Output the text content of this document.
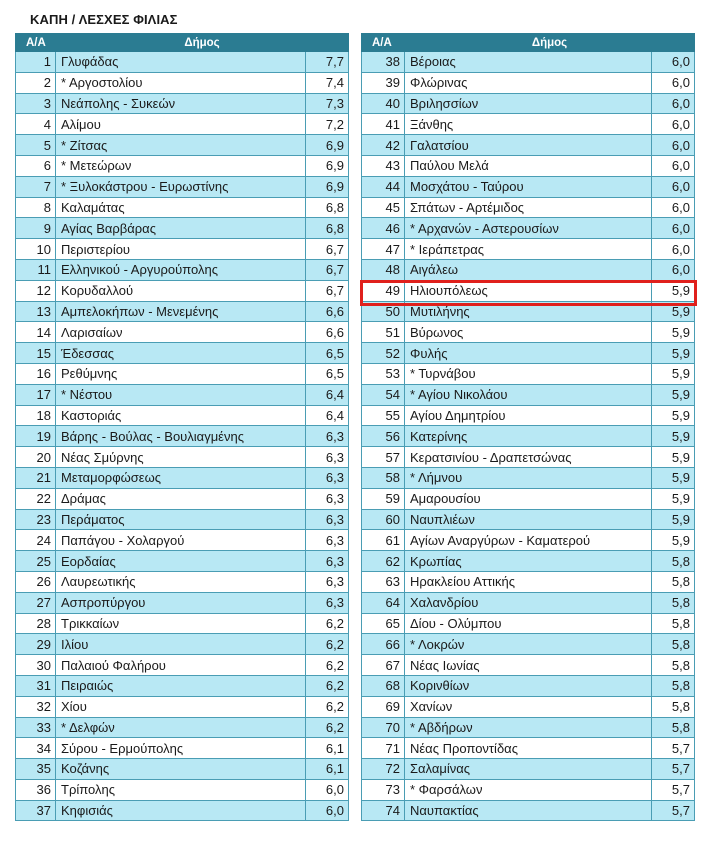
ΚΑΠΗ / ΛΕΣΧΕΣ ΦΙΛΙΑΣ
Α/Α	Δήμος	
1	Γλυφάδας	7,7
2	* Αργοστολίου	7,4
3	Νεάπολης - Συκεών	7,3
4	Αλίμου	7,2
5	* Ζίτσας	6,9
6	* Μετεώρων	6,9
7	* Ξυλοκάστρου - Ευρωστίνης	6,9
8	Καλαμάτας	6,8
9	Αγίας Βαρβάρας	6,8
10	Περιστερίου	6,7
11	Ελληνικού - Αργυρούπολης	6,7
12	Κορυδαλλού	6,7
13	Αμπελοκήπων - Μενεμένης	6,6
14	Λαρισαίων	6,6
15	Έδεσσας	6,5
16	Ρεθύμνης	6,5
17	* Νέστου	6,4
18	Καστοριάς	6,4
19	Βάρης - Βούλας - Βουλιαγμένης	6,3
20	Νέας Σμύρνης	6,3
21	Μεταμορφώσεως	6,3
22	Δράμας	6,3
23	Περάματος	6,3
24	Παπάγου - Χολαργού	6,3
25	Εορδαίας	6,3
26	Λαυρεωτικής	6,3
27	Ασπροπύργου	6,3
28	Τρικκαίων	6,2
29	Ιλίου	6,2
30	Παλαιού Φαλήρου	6,2
31	Πειραιώς	6,2
32	Χίου	6,2
33	* Δελφών	6,2
34	Σύρου - Ερμούπολης	6,1
35	Κοζάνης	6,1
36	Τρίπολης	6,0
37	Κηφισιάς	6,0
Α/Α	Δήμος	
38	Βέροιας	6,0
39	Φλώρινας	6,0
40	Βριλησσίων	6,0
41	Ξάνθης	6,0
42	Γαλατσίου	6,0
43	Παύλου Μελά	6,0
44	Μοσχάτου - Ταύρου	6,0
45	Σπάτων - Αρτέμιδος	6,0
46	* Αρχανών - Αστερουσίων	6,0
47	* Ιεράπετρας	6,0
48	Αιγάλεω	6,0
49	Ηλιουπόλεως	5,9
50	Μυτιλήνης	5,9
51	Βύρωνος	5,9
52	Φυλής	5,9
53	* Τυρνάβου	5,9
54	* Αγίου Νικολάου	5,9
55	Αγίου Δημητρίου	5,9
56	Κατερίνης	5,9
57	Κερατσινίου - Δραπετσώνας	5,9
58	* Λήμνου	5,9
59	Αμαρουσίου	5,9
60	Ναυπλιέων	5,9
61	Αγίων Αναργύρων - Καματερού	5,9
62	Κρωπίας	5,8
63	Ηρακλείου Αττικής	5,8
64	Χαλανδρίου	5,8
65	Δίου - Ολύμπου	5,8
66	* Λοκρών	5,8
67	Νέας Ιωνίας	5,8
68	Κορινθίων	5,8
69	Χανίων	5,8
70	* Αβδήρων	5,8
71	Νέας Προποντίδας	5,7
72	Σαλαμίνας	5,7
73	* Φαρσάλων	5,7
74	Ναυπακτίας	5,7
